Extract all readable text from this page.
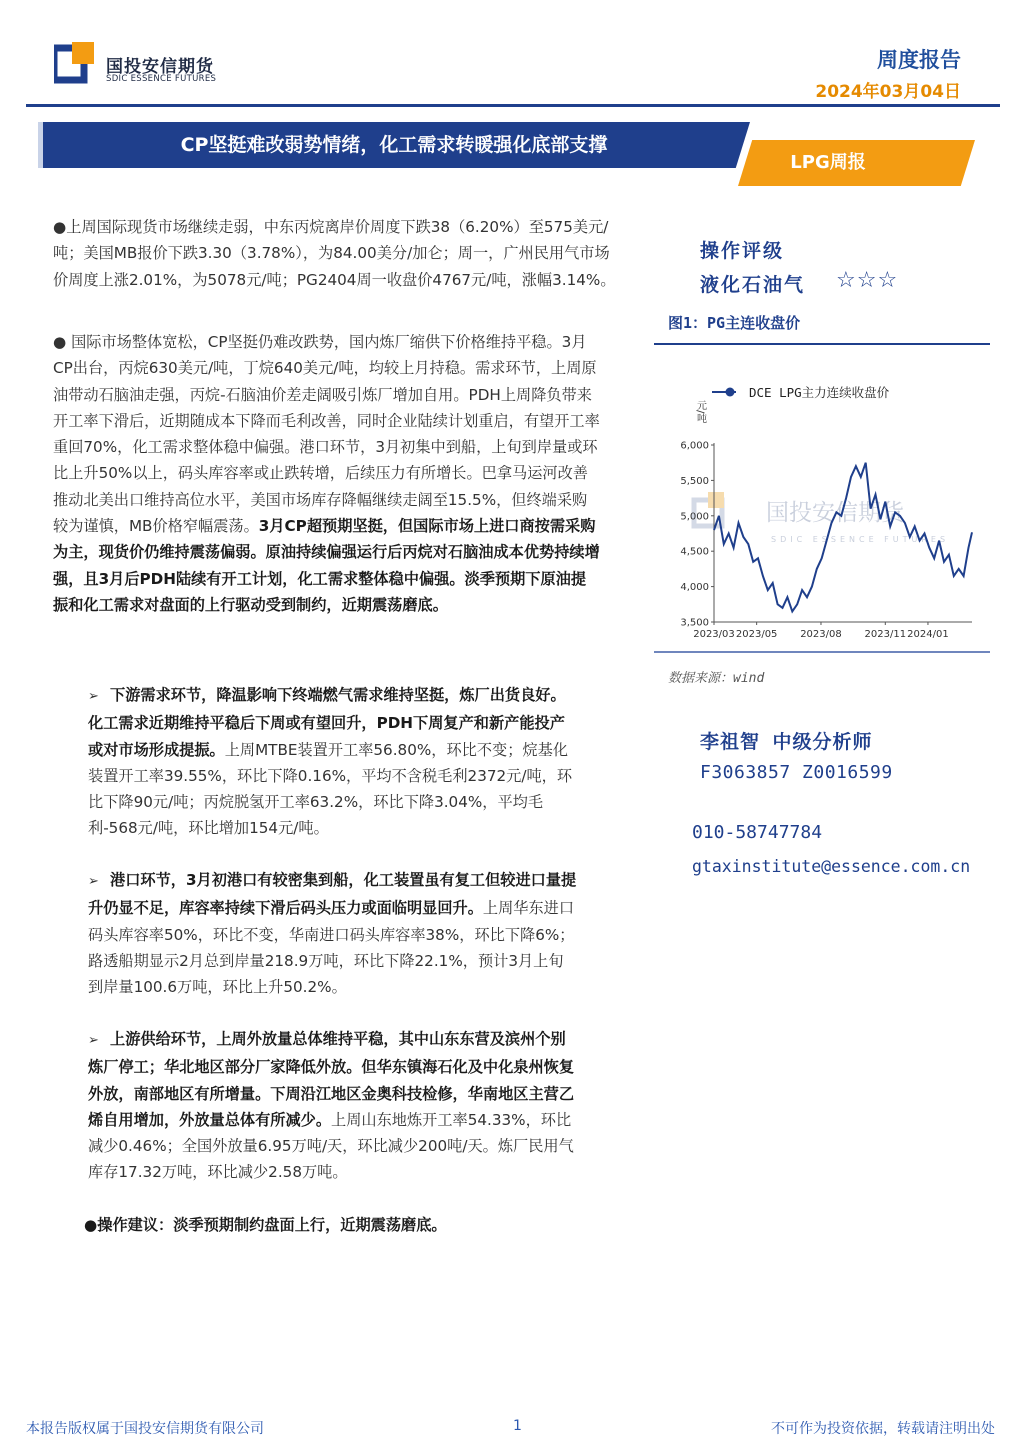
国投安信期货
SDIC ESSENCE FUTURES
周度报告
2024年03月04日
LPG周报
CP坚挺难改弱势情绪，化工需求转暖强化底部支撑
●上周国际现货市场继续走弱，中东丙烷离岸价周度下跌38（6.20%）至575美元/吨；美国MB报价下跌3.30（3.78%），为84.00美分/加仑；周一，广州民用气市场价周度上涨2.01%，为5078元/吨；PG2404周一收盘价4767元/吨，涨幅3.14%。
● 国际市场整体宽松，CP坚挺仍难改跌势，国内炼厂缩供下价格维持平稳。3月CP出台，丙烷630美元/吨，丁烷640美元/吨，均较上月持稳。需求环节，上周原油带动石脑油走强，丙烷-石脑油价差走阔吸引炼厂增加自用。PDH上周降负带来开工率下滑后，近期随成本下降而毛利改善，同时企业陆续计划重启，有望开工率重回70%，化工需求整体稳中偏强。港口环节，3月初集中到船，上旬到岸量或环比上升50%以上，码头库容率或止跌转增，后续压力有所增长。巴拿马运河改善推动北美出口维持高位水平，美国市场库存降幅继续走阔至15.5%，但终端采购较为谨慎，MB价格窄幅震荡。3月CP超预期坚挺，但国际市场上进口商按需采购为主，现货价仍维持震荡偏弱。原油持续偏强运行后丙烷对石脑油成本优势持续增强，且3月后PDH陆续有开工计划，化工需求整体稳中偏强。淡季预期下原油提振和化工需求对盘面的上行驱动受到制约，近期震荡磨底。
➢ 下游需求环节，降温影响下终端燃气需求维持坚挺，炼厂出货良好。化工需求近期维持平稳后下周或有望回升，PDH下周复产和新产能投产或对市场形成提振。上周MTBE装置开工率56.80%，环比不变；烷基化装置开工率39.55%，环比下降0.16%，平均不含税毛利2372元/吨，环比下降90元/吨；丙烷脱氢开工率63.2%，环比下降3.04%，平均毛利-568元/吨，环比增加154元/吨。
➢ 港口环节，3月初港口有较密集到船，化工装置虽有复工但较进口量提升仍显不足，库容率持续下滑后码头压力或面临明显回升。上周华东进口码头库容率50%，环比不变，华南进口码头库容率38%，环比下降6%；路透船期显示2月总到岸量218.9万吨，环比下降22.1%，预计3月上旬到岸量100.6万吨，环比上升50.2%。
➢ 上游供给环节，上周外放量总体维持平稳，其中山东东营及滨州个别炼厂停工；华北地区部分厂家降低外放。但华东镇海石化及中化泉州恢复外放，南部地区有所增量。下周沿江地区金奥科技检修，华南地区主营乙烯自用增加，外放量总体有所减少。上周山东地炼开工率54.33%，环比减少0.46%；全国外放量6.95万吨/天，环比减少200吨/天。炼厂民用气库存17.32万吨，环比减少2.58万吨。
●操作建议：淡季预期制约盘面上行，近期震荡磨底。
操作评级
液化石油气 ☆☆☆
图1：PG主连收盘价
国投安信期货
SDIC ESSENCE FUTURES
DCE LPG主力连续收盘价
元/吨
3,500
4,000
4,500
5,000
5,500
6,000
2023/03 2023/05 2023/08 2023/11 2024/01
数据来源：wind
李祖智 中级分析师
F3063857 Z0016599
010-58747784
gtaxinstitute@essence.com.cn
本报告版权属于国投安信期货有限公司	1	不可作为投资依据，转载请注明出处
